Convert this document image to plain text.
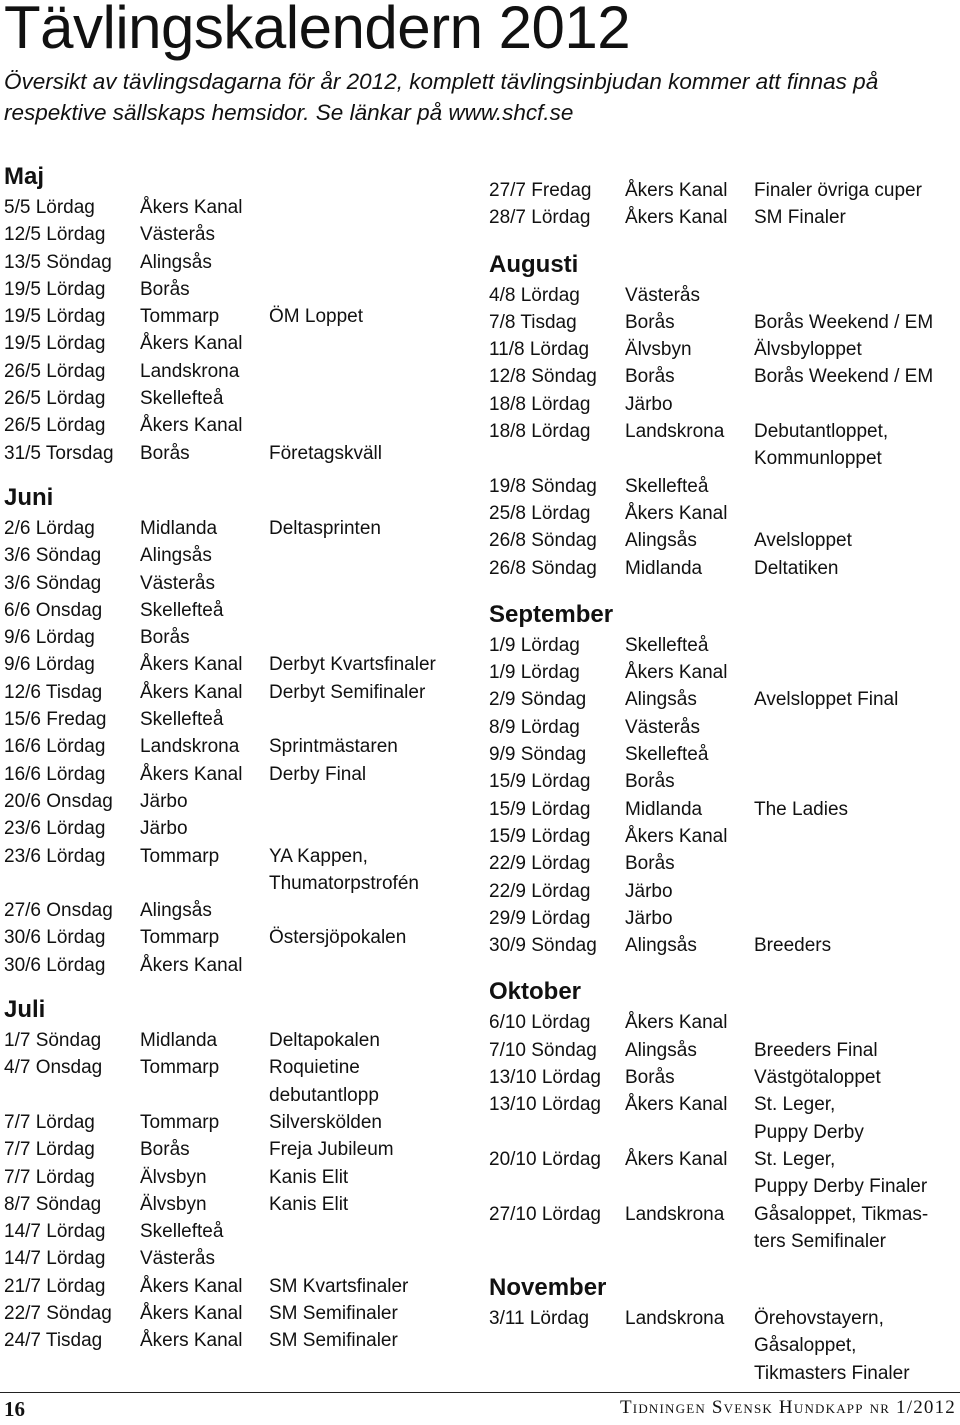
Tävlingskalendern 2012

Översikt av tävlingsdagarna för år 2012, komplett tävlingsinbjudan kommer att finnas på respektive sällskaps hemsidor. Se länkar på www.shcf.se

Maj
5/5 Lördag	Åkers Kanal
12/5 Lördag	Västerås
13/5 Söndag	Alingsås
19/5 Lördag	Borås
19/5 Lördag	Tommarp	ÖM Loppet
19/5 Lördag	Åkers Kanal
26/5 Lördag	Landskrona
26/5 Lördag	Skellefteå
26/5 Lördag	Åkers Kanal
31/5 Torsdag	Borås	Företagskväll
Juni
2/6 Lördag	Midlanda	Deltasprinten
3/6 Söndag	Alingsås
3/6 Söndag	Västerås
6/6 Onsdag	Skellefteå
9/6 Lördag	Borås
9/6 Lördag	Åkers Kanal	Derbyt Kvartsfinaler
12/6 Tisdag	Åkers Kanal	Derbyt Semifinaler
15/6 Fredag	Skellefteå
16/6 Lördag	Landskrona	Sprintmästaren
16/6 Lördag	Åkers Kanal	Derby Final
20/6 Onsdag	Järbo
23/6 Lördag	Järbo
23/6 Lördag	Tommarp	YA Kappen,
Thumatorpstrofén
27/6 Onsdag	Alingsås
30/6 Lördag	Tommarp	Östersjöpokalen
30/6 Lördag	Åkers Kanal
Juli
1/7 Söndag	Midlanda	Deltapokalen
4/7 Onsdag	Tommarp	Roquietine
debutantlopp
7/7 Lördag	Tommarp	Silverskölden
7/7 Lördag	Borås	Freja Jubileum
7/7 Lördag	Älvsbyn	Kanis Elit
8/7 Söndag	Älvsbyn	Kanis Elit
14/7 Lördag	Skellefteå
14/7 Lördag	Västerås
21/7 Lördag	Åkers Kanal	SM Kvartsfinaler
22/7 Söndag	Åkers Kanal	SM Semifinaler
24/7 Tisdag	Åkers Kanal	SM Semifinaler
27/7 Fredag	Åkers Kanal	Finaler övriga cuper
28/7 Lördag	Åkers Kanal	SM Finaler
Augusti
4/8 Lördag	Västerås
7/8 Tisdag	Borås	Borås Weekend / EM
11/8 Lördag	Älvsbyn	Älvsbyloppet
12/8 Söndag	Borås	Borås Weekend / EM
18/8 Lördag	Järbo
18/8 Lördag	Landskrona	Debutantloppet,
Kommunloppet
19/8 Söndag	Skellefteå
25/8 Lördag	Åkers Kanal
26/8 Söndag	Alingsås	Avelsloppet
26/8 Söndag	Midlanda	Deltatiken
September
1/9 Lördag	Skellefteå
1/9 Lördag	Åkers Kanal
2/9 Söndag	Alingsås	Avelsloppet Final
8/9 Lördag	Västerås
9/9 Söndag	Skellefteå
15/9 Lördag	Borås
15/9 Lördag	Midlanda	The Ladies
15/9 Lördag	Åkers Kanal
22/9 Lördag	Borås
22/9 Lördag	Järbo
29/9 Lördag	Järbo
30/9 Söndag	Alingsås	Breeders
Oktober
6/10 Lördag	Åkers Kanal
7/10 Söndag	Alingsås	Breeders Final
13/10 Lördag	Borås	Västgötaloppet
13/10 Lördag	Åkers Kanal	St. Leger,
Puppy Derby
20/10 Lördag	Åkers Kanal	St. Leger,
Puppy Derby Finaler
27/10 Lördag	Landskrona	Gåsaloppet, Tikmas-
ters Semifinaler
November
3/11 Lördag	Landskrona	Örehovstayern,
Gåsaloppet,
Tikmasters Finaler
16	Tidningen Svensk Hundkapp nr 1/2012
